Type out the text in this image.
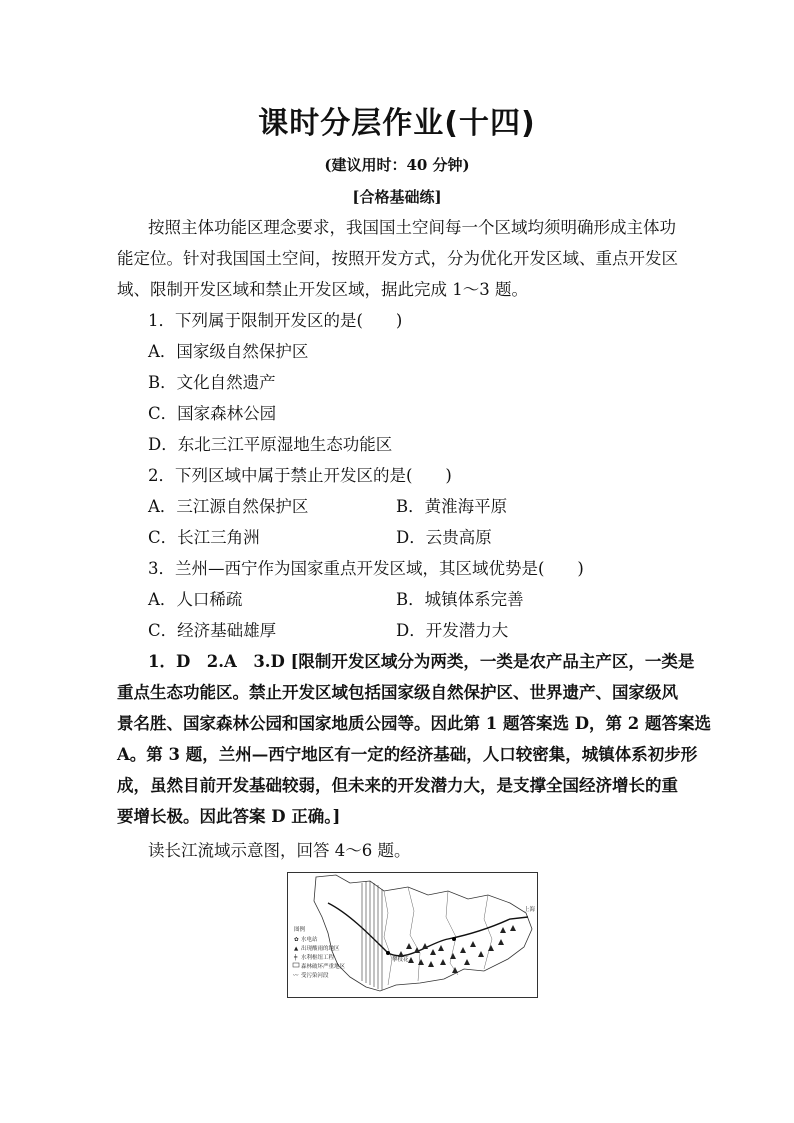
课时分层作业(十四)
(建议用时：40 分钟)
[合格基础练]
按照主体功能区理念要求，我国国土空间每一个区域均须明确形成主体功
能定位。针对我国国土空间，按照开发方式，分为优化开发区域、重点开发区
域、限制开发区域和禁止开发区域，据此完成 1～3 题。
1．下列属于限制开发区的是(　　)
A．国家级自然保护区
B．文化自然遗产
C．国家森林公园
D．东北三江平原湿地生态功能区
2．下列区域中属于禁止开发区的是(　　)
A．三江源自然保护区	B．黄淮海平原
C．长江三角洲	D．云贵高原
3．兰州—西宁作为国家重点开发区域，其区域优势是(　　)
A．人口稀疏	B．城镇体系完善
C．经济基础雄厚	D．开发潜力大
1．D　2.A　3.D [限制开发区域分为两类，一类是农产品主产区，一类是
重点生态功能区。禁止开发区域包括国家级自然保护区、世界遗产、国家级风
景名胜、国家森林公园和国家地质公园等。因此第 1 题答案选 D，第 2 题答案选
A。第 3 题，兰州—西宁地区有一定的经济基础，人口较密集，城镇体系初步形
成，虽然目前开发基础较弱，但未来的开发潜力大，是支撑全国经济增长的重
要增长极。因此答案 D 正确。]
读长江流域示意图，回答 4～6 题。
图例
✿ 水电站
▲ 出现酸雨的地区
╪ 水利枢纽工程
森林破坏严重地区
〰 受污染河段
上海
攀枝花
